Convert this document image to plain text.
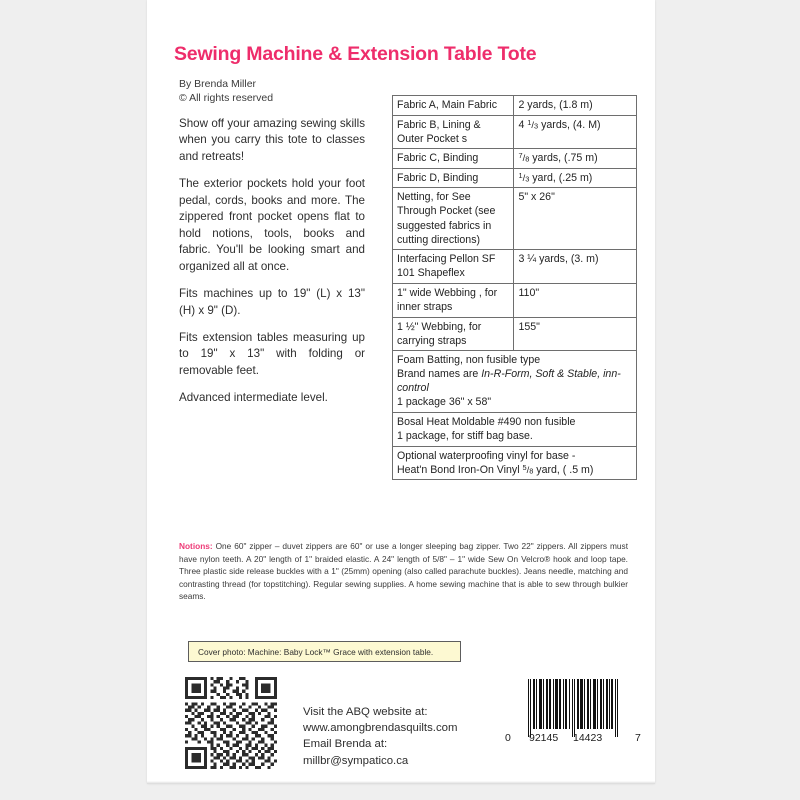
Sewing Machine & Extension Table Tote
By Brenda Miller
© All rights reserved

Show off your amazing sewing skills when you carry this tote to classes and retreats!

The exterior pockets hold your foot pedal, cords, books and more. The zippered front pocket opens flat to hold notions, tools, books and fabric. You'll be looking smart and organized all at once.

Fits machines up to 19" (L) x 13" (H) x 9" (D).

Fits extension tables measuring up to 19" x 13" with folding or removable feet.

Advanced intermediate level.

Fabric A, Main Fabric	2 yards, (1.8 m)
Fabric B, Lining & Outer Pocket s	4 $^1/_3$ yards, (4. M)
Fabric C, Binding	$^7/_8$ yards, (.75 m)
Fabric D, Binding	$^1/_3$ yard, (.25 m)
Netting, for See Through Pocket (see suggested fabrics in cutting directions)	5" x 26"
Interfacing Pellon SF 101 Shapeflex	3 ¼ yards, (3. m)
1" wide Webbing , for inner straps	110"
1 ½" Webbing, for carrying straps	155"

Foam Batting, non fusible type
Brand names are In-R-Form, Soft & Stable, inn-control
1 package 36" x 58"	

Bosal Heat Moldable #490 non fusible
1 package, for stiff bag base.	

Optional waterproofing vinyl for base -
Heat'n Bond Iron-On Vinyl $^5/_8$ yard, ( .5 m)	
Notions: One 60" zipper – duvet zippers are 60" or use a longer sleeping bag zipper. Two 22" zippers. All zippers must have nylon teeth. A 20" length of 1" braided elastic. A 24" length of 5/8" – 1" wide Sew On Velcro® hook and loop tape. Three plastic side release buckles with a 1" (25mm) opening (also called parachute buckles). Jeans needle, matching and contrasting thread (for topstitching). Regular sewing supplies. A home sewing machine that is able to sew through bulkier seams.
Cover photo: Machine: Baby Lock™ Grace with extension table.
Visit the ABQ website at:
www.amongbrendasquilts.com
Email Brenda at:
millbr@sympatico.ca
0 92145 14423	7
